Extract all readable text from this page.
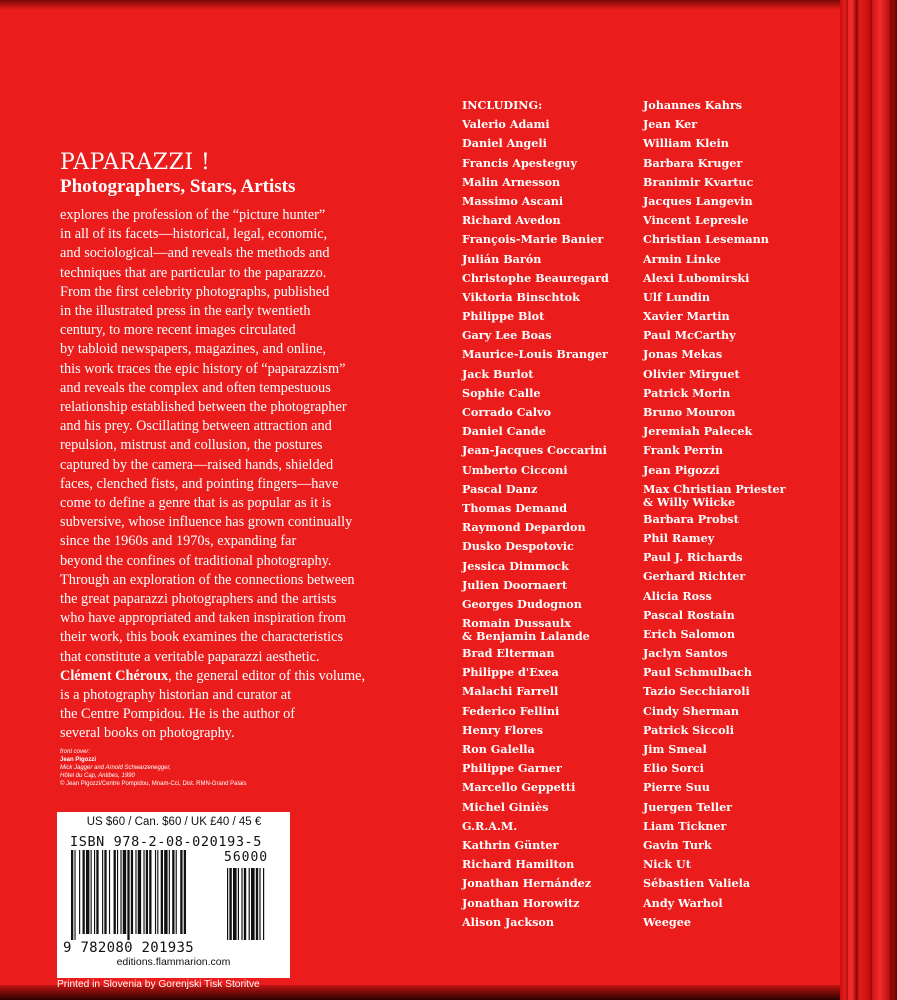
PAPARAZZI !
Photographers, Stars, Artists
explores the profession of the “picture hunter”
in all of its facets—historical, legal, economic,
and sociological—and reveals the methods and
techniques that are particular to the paparazzo.
From the first celebrity photographs, published
in the illustrated press in the early twentieth
century, to more recent images circulated
by tabloid newspapers, magazines, and online,
this work traces the epic history of “paparazzism”
and reveals the complex and often tempestuous
relationship established between the photographer
and his prey. Oscillating between attraction and
repulsion, mistrust and collusion, the postures
captured by the camera—raised hands, shielded
faces, clenched fists, and pointing fingers—have
come to define a genre that is as popular as it is
subversive, whose influence has grown continually
since the 1960s and 1970s, expanding far
beyond the confines of traditional photography.
Through an exploration of the connections between
the great paparazzi photographers and the artists
who have appropriated and taken inspiration from
their work, this book examines the characteristics
that constitute a veritable paparazzi aesthetic.
Clément Chéroux, the general editor of this volume,
is a photography historian and curator at
the Centre Pompidou. He is the author of
several books on photography.
front cover:
Jean Pigozzi
Mick Jagger and Arnold Schwarzenegger,
Hôtel du Cap, Antibes, 1990
© Jean Pigozzi/Centre Pompidou, Mnam-Cci, Dist. RMN-Grand Palais
US $60 / Can. $60 / UK £40 / 45 €
ISBN 978-2-08-020193-5
56000
9 782080 201935
editions.flammarion.com
Printed in Slovenia by Gorenjski Tisk Storitve
INCLUDING:
Valerio Adami
Daniel Angeli
Francis Apesteguy
Malin Arnesson
Massimo Ascani
Richard Avedon
François-Marie Banier
Julián Barón
Christophe Beauregard
Viktoria Binschtok
Philippe Blot
Gary Lee Boas
Maurice-Louis Branger
Jack Burlot
Sophie Calle
Corrado Calvo
Daniel Cande
Jean-Jacques Coccarini
Umberto Cicconi
Pascal Danz
Thomas Demand
Raymond Depardon
Dusko Despotovic
Jessica Dimmock
Julien Doornaert
Georges Dudognon
Romain Dussaulx
& Benjamin Lalande
Brad Elterman
Philippe d'Exea
Malachi Farrell
Federico Fellini
Henry Flores
Ron Galella
Philippe Garner
Marcello Geppetti
Michel Giniès
G.R.A.M.
Kathrin Günter
Richard Hamilton
Jonathan Hernández
Jonathan Horowitz
Alison Jackson
Johannes Kahrs
Jean Ker
William Klein
Barbara Kruger
Branimir Kvartuc
Jacques Langevin
Vincent Lepresle
Christian Lesemann
Armin Linke
Alexi Lubomirski
Ulf Lundin
Xavier Martin
Paul McCarthy
Jonas Mekas
Olivier Mirguet
Patrick Morin
Bruno Mouron
Jeremiah Palecek
Frank Perrin
Jean Pigozzi
Max Christian Priester
& Willy Wiicke
Barbara Probst
Phil Ramey
Paul J. Richards
Gerhard Richter
Alicia Ross
Pascal Rostain
Erich Salomon
Jaclyn Santos
Paul Schmulbach
Tazio Secchiaroli
Cindy Sherman
Patrick Siccoli
Jim Smeal
Elio Sorci
Pierre Suu
Juergen Teller
Liam Tickner
Gavin Turk
Nick Ut
Sébastien Valiela
Andy Warhol
Weegee
